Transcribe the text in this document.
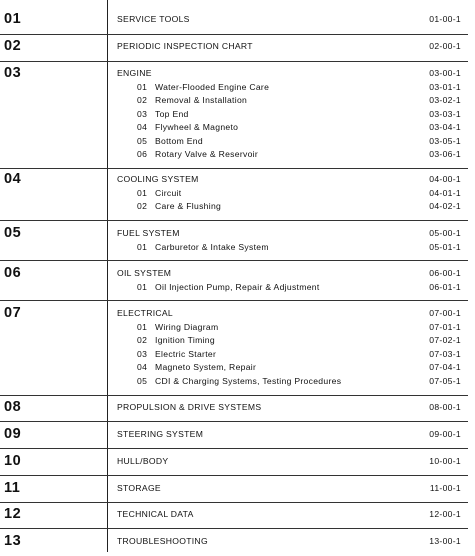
01	SERVICE TOOLS	01-00-1
02	PERIODIC INSPECTION CHART	02-00-1
03	ENGINE	03-00-1
01 Water-Flooded Engine Care	03-01-1
02 Removal & Installation	03-02-1
03 Top End	03-03-1
04 Flywheel & Magneto	03-04-1
05 Bottom End	03-05-1
06 Rotary Valve & Reservoir	03-06-1
04	COOLING SYSTEM	04-00-1
01 Circuit	04-01-1
02 Care & Flushing	04-02-1
05	FUEL SYSTEM	05-00-1
01 Carburetor & Intake System	05-01-1
06	OIL SYSTEM	06-00-1
01 Oil Injection Pump, Repair & Adjustment	06-01-1
07	ELECTRICAL	07-00-1
01 Wiring Diagram	07-01-1
02 Ignition Timing	07-02-1
03 Electric Starter	07-03-1
04 Magneto System, Repair	07-04-1
05 CDI & Charging Systems, Testing Procedures	07-05-1
08	PROPULSION & DRIVE SYSTEMS	08-00-1
09	STEERING SYSTEM	09-00-1
10	HULL/BODY	10-00-1
11	STORAGE	11-00-1
12	TECHNICAL DATA	12-00-1
13	TROUBLESHOOTING	13-00-1
